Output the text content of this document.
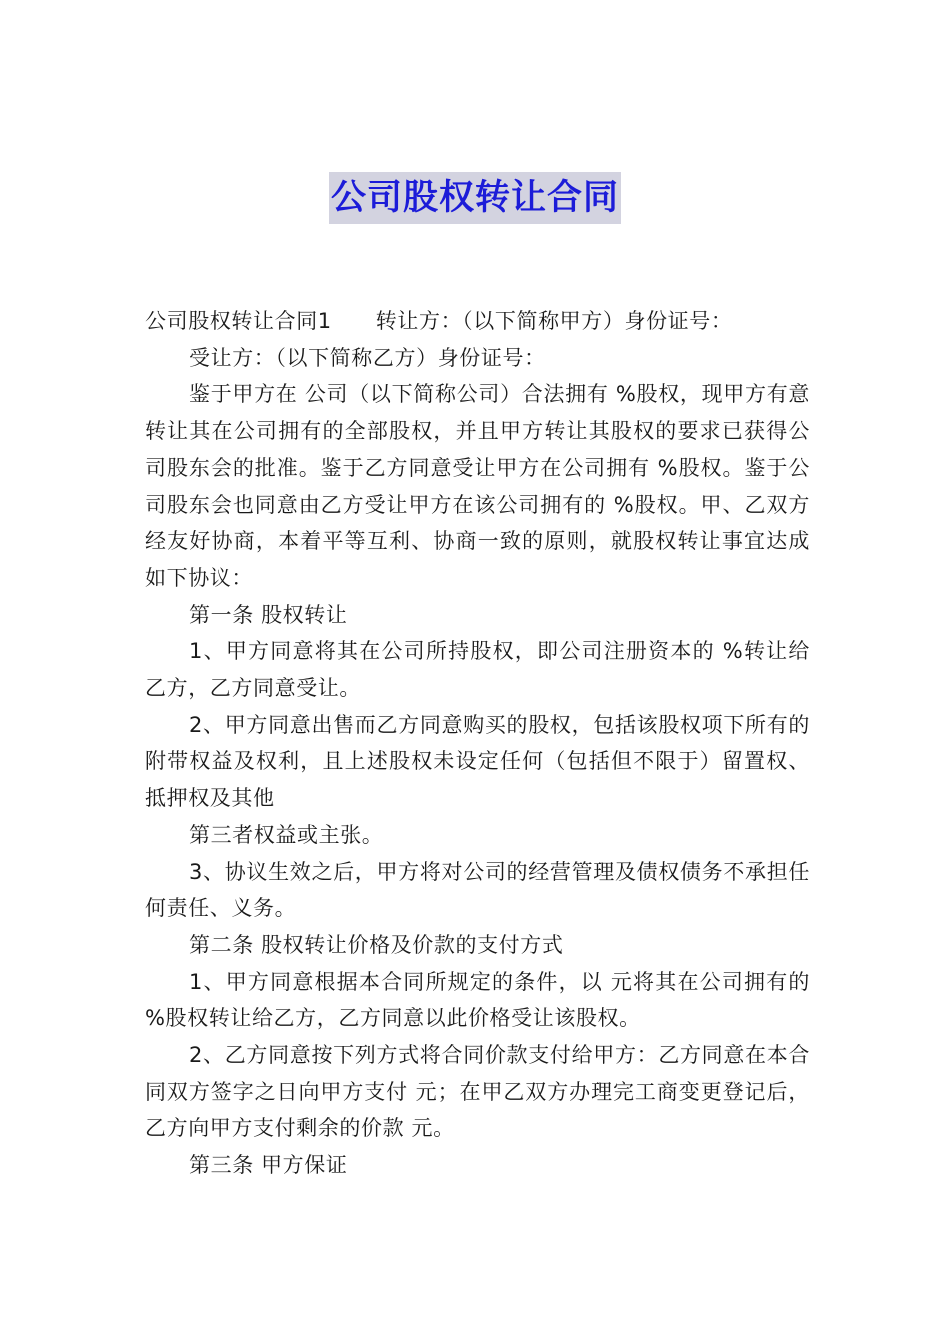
公司股权转让合同

公司股权转让合同1 转让方：（以下简称甲方）身份证号：

受让方：（以下简称乙方）身份证号：

鉴于甲方在 公司（以下简称公司）合法拥有 %股权，现甲方有意转让其在公司拥有的全部股权，并且甲方转让其股权的要求已获得公司股东会的批准。鉴于乙方同意受让甲方在公司拥有 %股权。鉴于公司股东会也同意由乙方受让甲方在该公司拥有的 %股权。甲、乙双方经友好协商，本着平等互利、协商一致的原则，就股权转让事宜达成如下协议：

第一条 股权转让

1、甲方同意将其在公司所持股权，即公司注册资本的 %转让给乙方，乙方同意受让。

2、甲方同意出售而乙方同意购买的股权，包括该股权项下所有的附带权益及权利，且上述股权未设定任何（包括但不限于）留置权、抵押权及其他

第三者权益或主张。

3、协议生效之后，甲方将对公司的经营管理及债权债务不承担任何责任、义务。

第二条 股权转让价格及价款的支付方式

1、甲方同意根据本合同所规定的条件，以 元将其在公司拥有的 %股权转让给乙方，乙方同意以此价格受让该股权。

2、乙方同意按下列方式将合同价款支付给甲方：乙方同意在本合同双方签字之日向甲方支付 元；在甲乙双方办理完工商变更登记后，乙方向甲方支付剩余的价款 元。

第三条 甲方保证
